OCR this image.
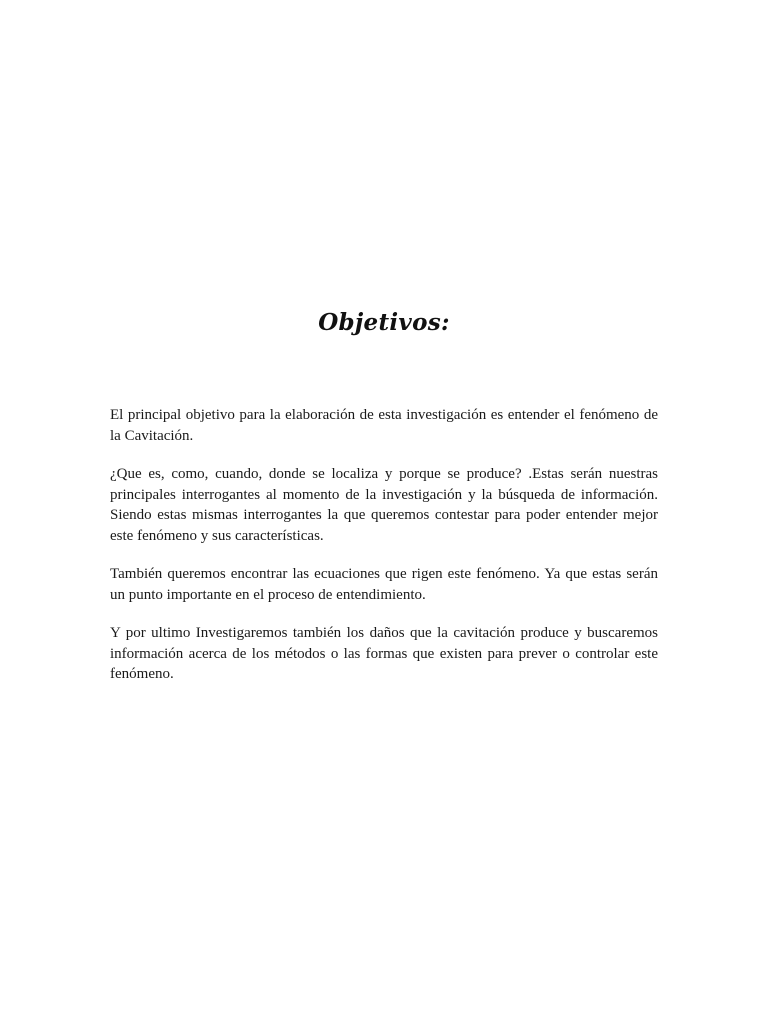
Objetivos:

El principal objetivo para la elaboración de esta investigación es entender el fenómeno de la Cavitación.

¿Que es, como, cuando, donde se localiza y porque se produce? .Estas serán nuestras principales interrogantes al momento de la investigación y la búsqueda de información. Siendo estas mismas interrogantes la que queremos contestar para poder entender mejor este fenómeno y sus características.

También queremos encontrar las ecuaciones que rigen este fenómeno. Ya que estas serán un punto importante en el proceso de entendimiento.

Y por ultimo Investigaremos también los daños que la cavitación produce y buscaremos información acerca de los métodos o las formas que existen para prever o controlar este fenómeno.
